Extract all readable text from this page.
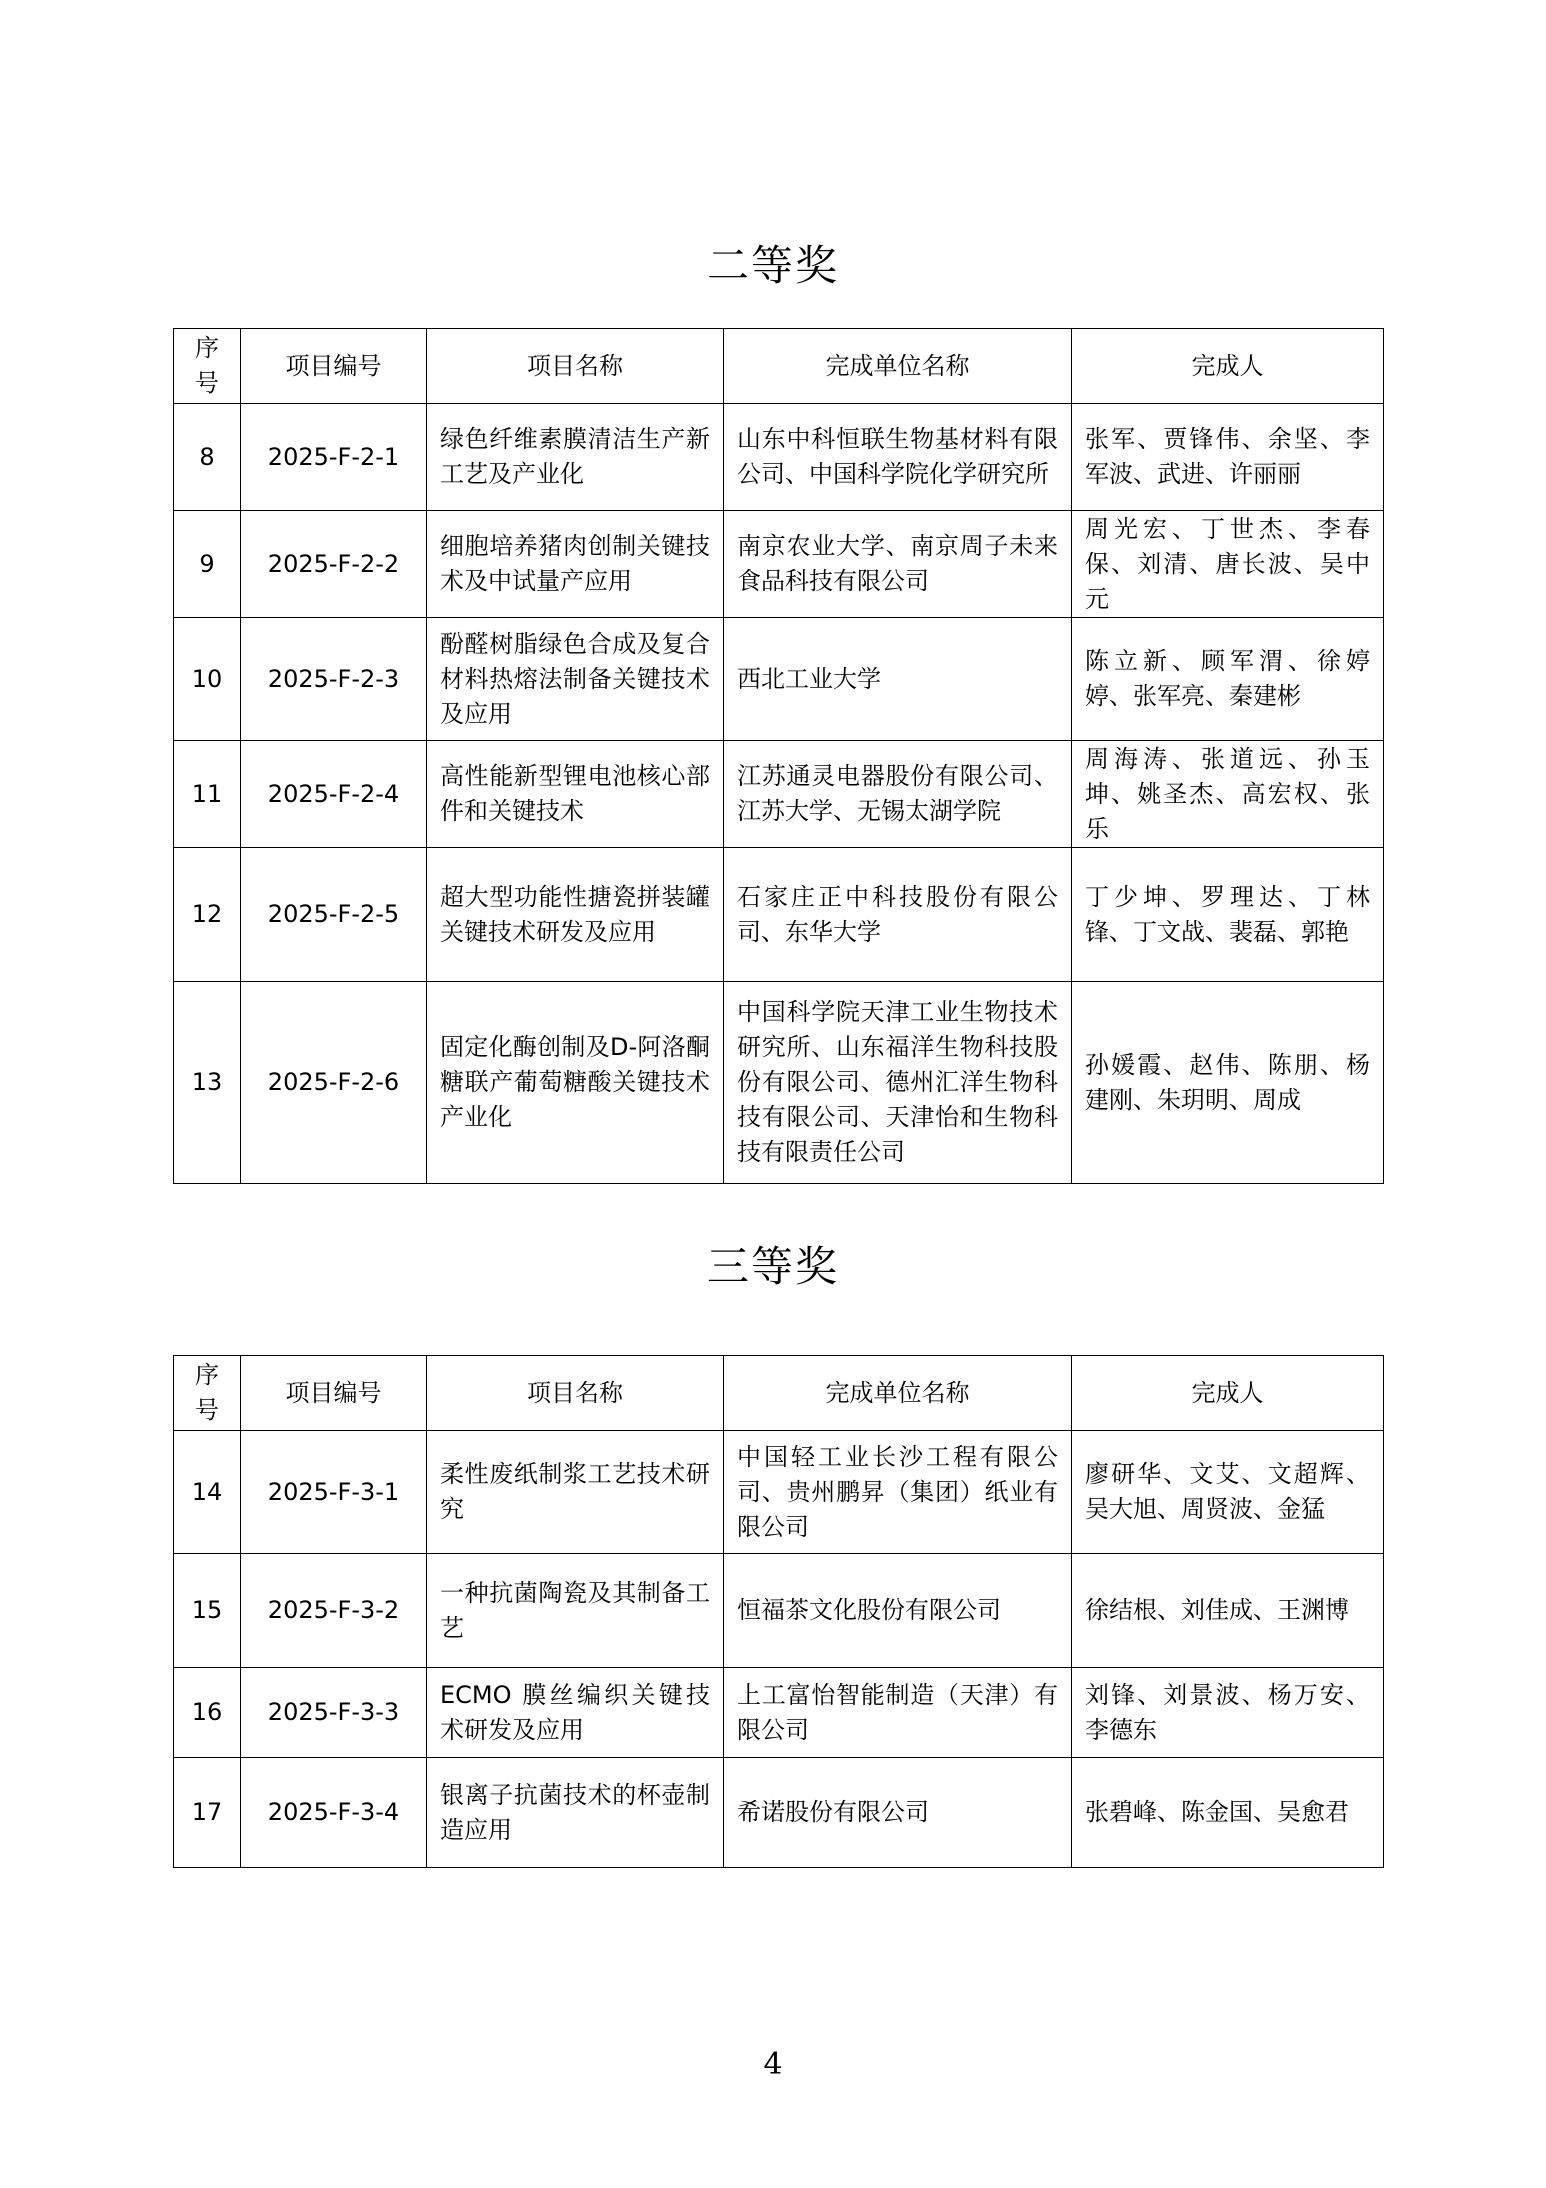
二等奖
序号	项目编号	项目名称	完成单位名称	完成人
8	2025-F-2-1	绿色纤维素膜清洁生产新工艺及产业化	山东中科恒联生物基材料有限公司、中国科学院化学研究所	张军、贾锋伟、余坚、李军波、武进、许丽丽
9	2025-F-2-2	细胞培养猪肉创制关键技术及中试量产应用	南京农业大学、南京周子未来食品科技有限公司	周光宏、丁世杰、李春保、刘清、唐长波、吴中元
10	2025-F-2-3	酚醛树脂绿色合成及复合材料热熔法制备关键技术及应用	西北工业大学	陈立新、顾军渭、徐婷婷、张军亮、秦建彬
11	2025-F-2-4	高性能新型锂电池核心部件和关键技术	江苏通灵电器股份有限公司、江苏大学、无锡太湖学院	周海涛、张道远、孙玉坤、姚圣杰、高宏权、张乐
12	2025-F-2-5	超大型功能性搪瓷拼装罐关键技术研发及应用	石家庄正中科技股份有限公司、东华大学	丁少坤、罗理达、丁林锋、丁文战、裴磊、郭艳
13	2025-F-2-6	固定化酶创制及D-阿洛酮糖联产葡萄糖酸关键技术产业化	中国科学院天津工业生物技术研究所、山东福洋生物科技股份有限公司、德州汇洋生物科技有限公司、天津怡和生物科技有限责任公司	孙媛霞、赵伟、陈朋、杨建刚、朱玥明、周成
三等奖
序号	项目编号	项目名称	完成单位名称	完成人
14	2025-F-3-1	柔性废纸制浆工艺技术研究	中国轻工业长沙工程有限公司、贵州鹏昇（集团）纸业有限公司	廖研华、文艾、文超辉、吴大旭、周贤波、金猛
15	2025-F-3-2	一种抗菌陶瓷及其制备工艺	恒福茶文化股份有限公司	徐结根、刘佳成、王渊博
16	2025-F-3-3	ECMO 膜丝编织关键技术研发及应用	上工富怡智能制造（天津）有限公司	刘锋、刘景波、杨万安、李德东
17	2025-F-3-4	银离子抗菌技术的杯壶制造应用	希诺股份有限公司	张碧峰、陈金国、吴愈君
4
